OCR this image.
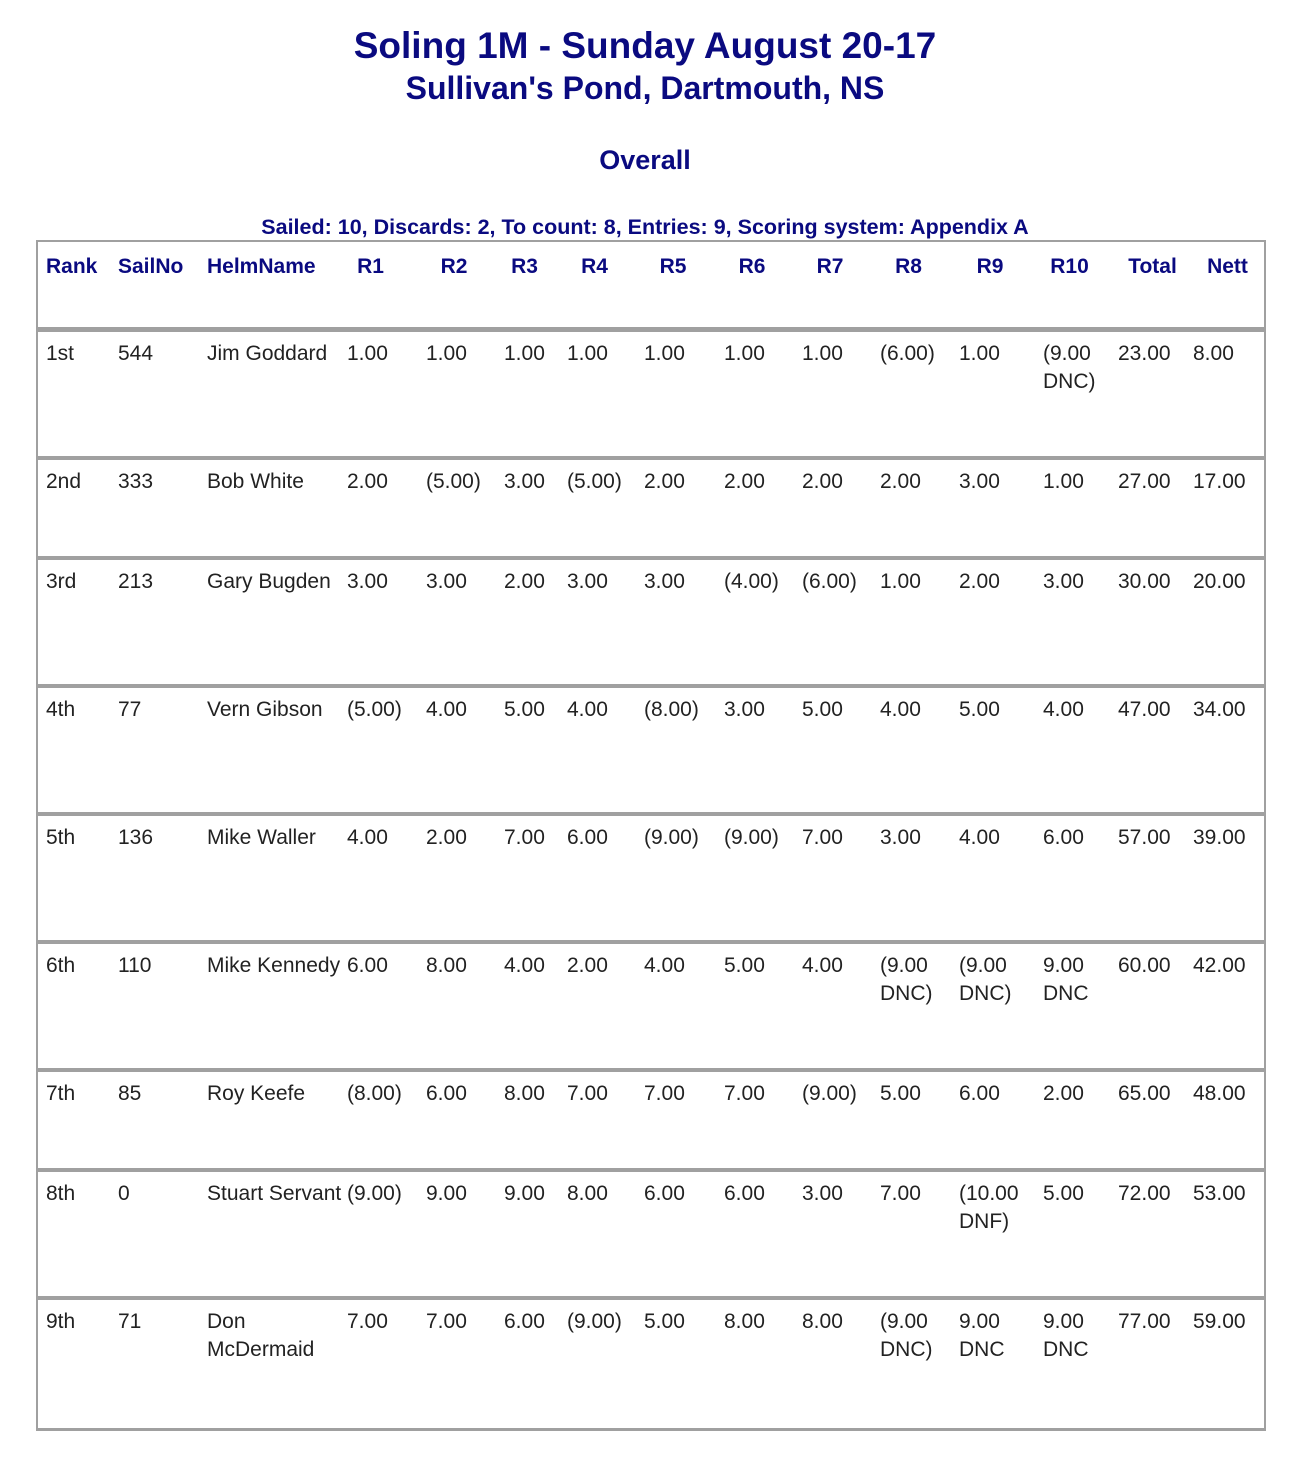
Soling 1M - Sunday August 20-17
Sullivan's Pond, Dartmouth, NS
Overall
Sailed: 10, Discards: 2, To count: 8, Entries: 9, Scoring system: Appendix A
Rank	SailNo	HelmName	R1	R2	R3	R4	R5	R6	R7	R8	R9	R10	Total	Nett
1st	544	Jim Goddard	1.00	1.00	1.00	1.00	1.00	1.00	1.00	(6.00)	1.00	(9.00 DNC)	23.00	8.00
2nd	333	Bob White	2.00	(5.00)	3.00	(5.00)	2.00	2.00	2.00	2.00	3.00	1.00	27.00	17.00
3rd	213	Gary Bugden	3.00	3.00	2.00	3.00	3.00	(4.00)	(6.00)	1.00	2.00	3.00	30.00	20.00
4th	77	Vern Gibson	(5.00)	4.00	5.00	4.00	(8.00)	3.00	5.00	4.00	5.00	4.00	47.00	34.00
5th	136	Mike Waller	4.00	2.00	7.00	6.00	(9.00)	(9.00)	7.00	3.00	4.00	6.00	57.00	39.00
6th	110	Mike Kennedy	6.00	8.00	4.00	2.00	4.00	5.00	4.00	(9.00 DNC)	(9.00 DNC)	9.00 DNC	60.00	42.00
7th	85	Roy Keefe	(8.00)	6.00	8.00	7.00	7.00	7.00	(9.00)	5.00	6.00	2.00	65.00	48.00
8th	0	Stuart Servant	(9.00)	9.00	9.00	8.00	6.00	6.00	3.00	7.00	(10.00 DNF)	5.00	72.00	53.00
9th	71	Don McDermaid	7.00	7.00	6.00	(9.00)	5.00	8.00	8.00	(9.00 DNC)	9.00 DNC	9.00 DNC	77.00	59.00
